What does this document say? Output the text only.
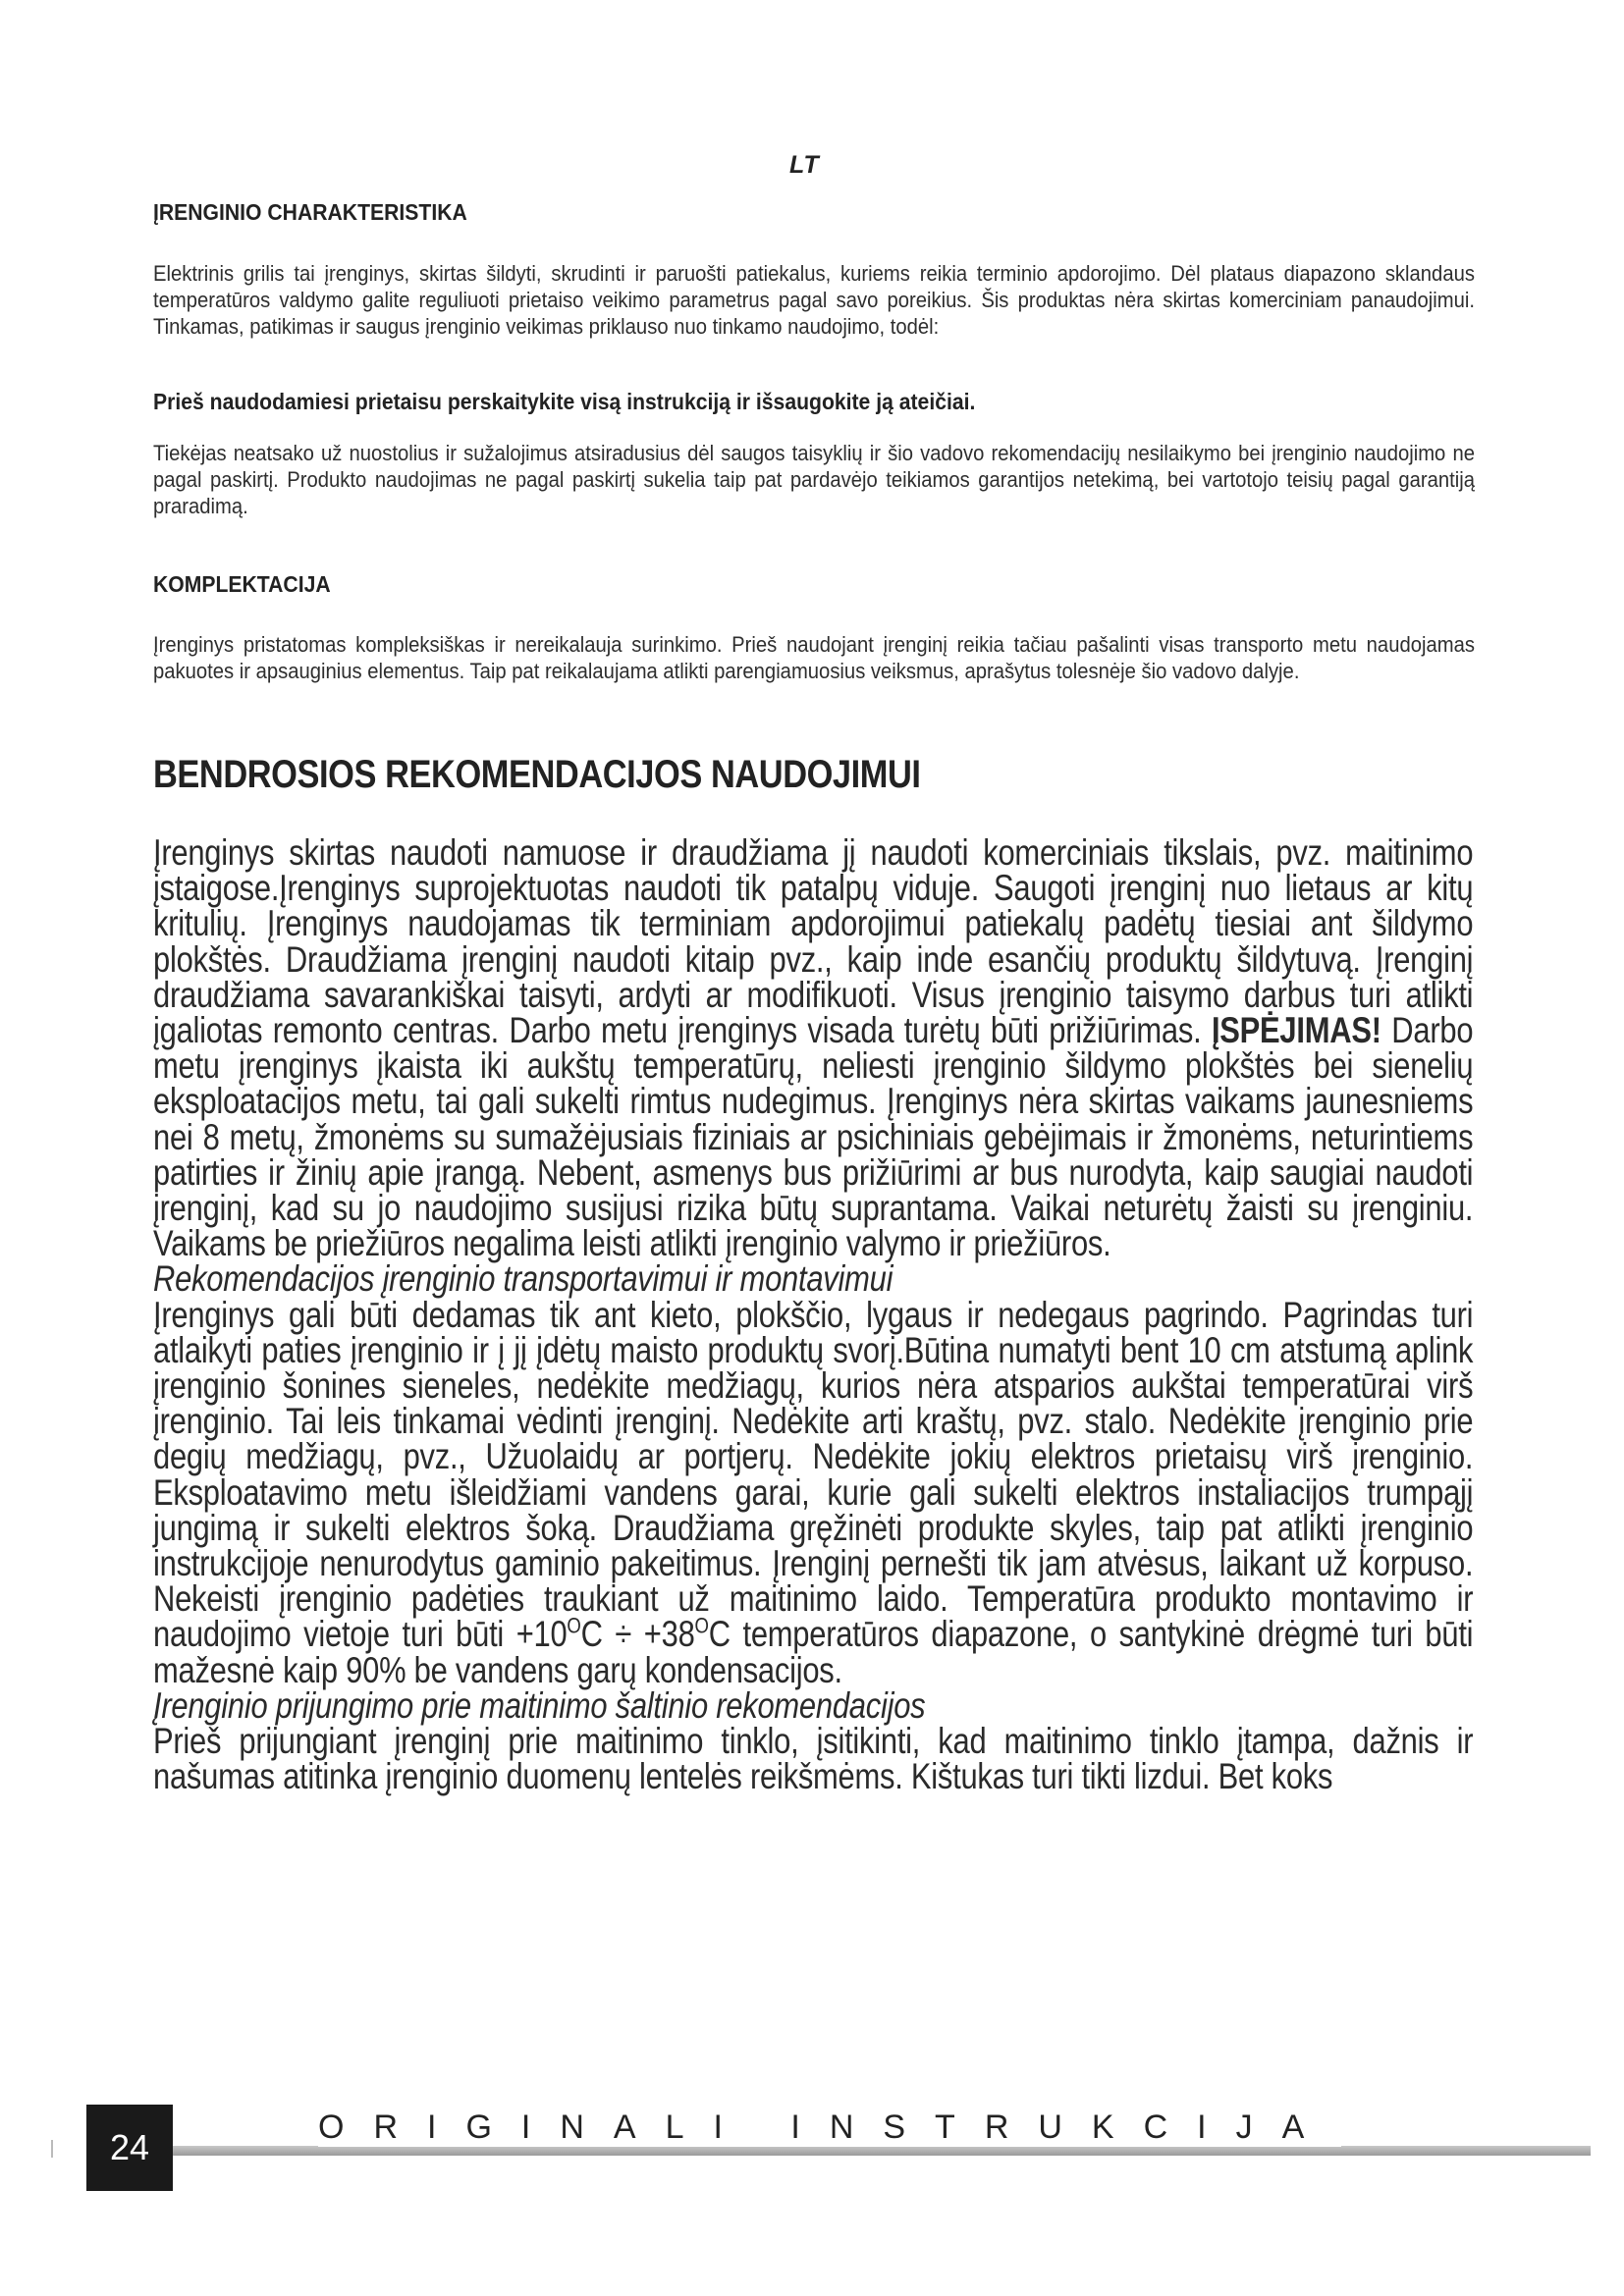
LT
ĮRENGINIO CHARAKTERISTIKA
Elektrinis grilis tai įrenginys, skirtas šildyti, skrudinti ir paruošti patiekalus, kuriems reikia terminio apdorojimo. Dėl plataus diapazono sklandaus temperatūros valdymo galite reguliuoti prietaiso veikimo parametrus pagal savo poreikius. Šis produktas nėra skirtas komerciniam panaudojimui. Tinkamas, patikimas ir saugus įrenginio veikimas priklauso nuo tinkamo naudojimo, todėl:
Prieš naudodamiesi prietaisu perskaitykite visą instrukciją ir išsaugokite ją ateičiai.
Tiekėjas neatsako už nuostolius ir sužalojimus atsiradusius dėl saugos taisyklių ir šio vadovo rekomendacijų nesilaikymo bei įrenginio naudojimo ne pagal paskirtį. Produkto naudojimas ne pagal paskirtį sukelia taip pat pardavėjo teikiamos garantijos netekimą, bei vartotojo teisių pagal garantiją praradimą.
KOMPLEKTACIJA
Įrenginys pristatomas kompleksiškas ir nereikalauja surinkimo. Prieš naudojant įrenginį reikia tačiau pašalinti visas transporto metu naudojamas pakuotes ir apsauginius elementus. Taip pat reikalaujama atlikti parengiamuosius veiksmus, aprašytus tolesnėje šio vadovo dalyje.
BENDROSIOS REKOMENDACIJOS NAUDOJIMUI

Įrenginys skirtas naudoti namuose ir draudžiama jį naudoti komerciniais tikslais, pvz. maitinimo įstaigose.Įrenginys suprojektuotas naudoti tik patalpų viduje. Saugoti įrenginį nuo lietaus ar kitų kritulių. Įrenginys naudojamas tik terminiam apdorojimui patiekalų padėtų tiesiai ant šildymo plokštės. Draudžiama įrenginį naudoti kitaip pvz., kaip inde esančių produktų šildytuvą. Įrenginį draudžiama savarankiškai taisyti, ardyti ar modifikuoti. Visus įrenginio taisymo darbus turi atlikti įgaliotas remonto centras. Darbo metu įrenginys visada turėtų būti prižiūrimas. ĮSPĖJIMAS! Darbo metu įrenginys įkaista iki aukštų temperatūrų, neliesti įrenginio šildymo plokštės bei sienelių eksploatacijos metu, tai gali sukelti rimtus nudegimus. Įrenginys nėra skirtas vaikams jaunesniems nei 8 metų, žmonėms su sumažėjusiais fiziniais ar psichiniais gebėjimais ir žmonėms, neturintiems patirties ir žinių apie įrangą. Nebent, asmenys bus prižiūrimi ar bus nurodyta, kaip saugiai naudoti įrenginį, kad su jo naudojimo susijusi rizika būtų suprantama. Vaikai neturėtų žaisti su įrenginiu. Vaikams be priežiūros negalima leisti atlikti įrenginio valymo ir priežiūros.

Rekomendacijos įrenginio transportavimui ir montavimui

Įrenginys gali būti dedamas tik ant kieto, plokščio, lygaus ir nedegaus pagrindo. Pagrindas turi atlaikyti paties įrenginio ir į jį įdėtų maisto produktų svorį.Būtina numatyti bent 10 cm atstumą aplink įrenginio šonines sieneles, nedėkite medžiagų, kurios nėra atsparios aukštai temperatūrai virš įrenginio. Tai leis tinkamai vėdinti įrenginį. Nedėkite arti kraštų, pvz. stalo. Nedėkite įrenginio prie degių medžiagų, pvz., Užuolaidų ar portjerų. Nedėkite jokių elektros prietaisų virš įrenginio. Eksploatavimo metu išleidžiami vandens garai, kurie gali sukelti elektros instaliacijos trumpąjį jungimą ir sukelti elektros šoką. Draudžiama gręžinėti produkte skyles, taip pat atlikti įrenginio instrukcijoje nenurodytus gaminio pakeitimus. Įrenginį pernešti tik jam atvėsus, laikant už korpuso. Nekeisti įrenginio padėties traukiant už maitinimo laido. Temperatūra produkto montavimo ir naudojimo vietoje turi būti $+10^OC \div +38^OC$ temperatūros diapazone, o santykinė drėgmė turi būti mažesnė kaip 90% be vandens garų kondensacijos.

Įrenginio prijungimo prie maitinimo šaltinio rekomendacijos

Prieš prijungiant įrenginį prie maitinimo tinklo, įsitikinti, kad maitinimo tinklo įtampa, dažnis ir našumas atitinka įrenginio duomenų lentelės reikšmėms. Kištukas turi tikti lizdui. Bet koks

24	ORIGINALI INSTRUKCIJA
